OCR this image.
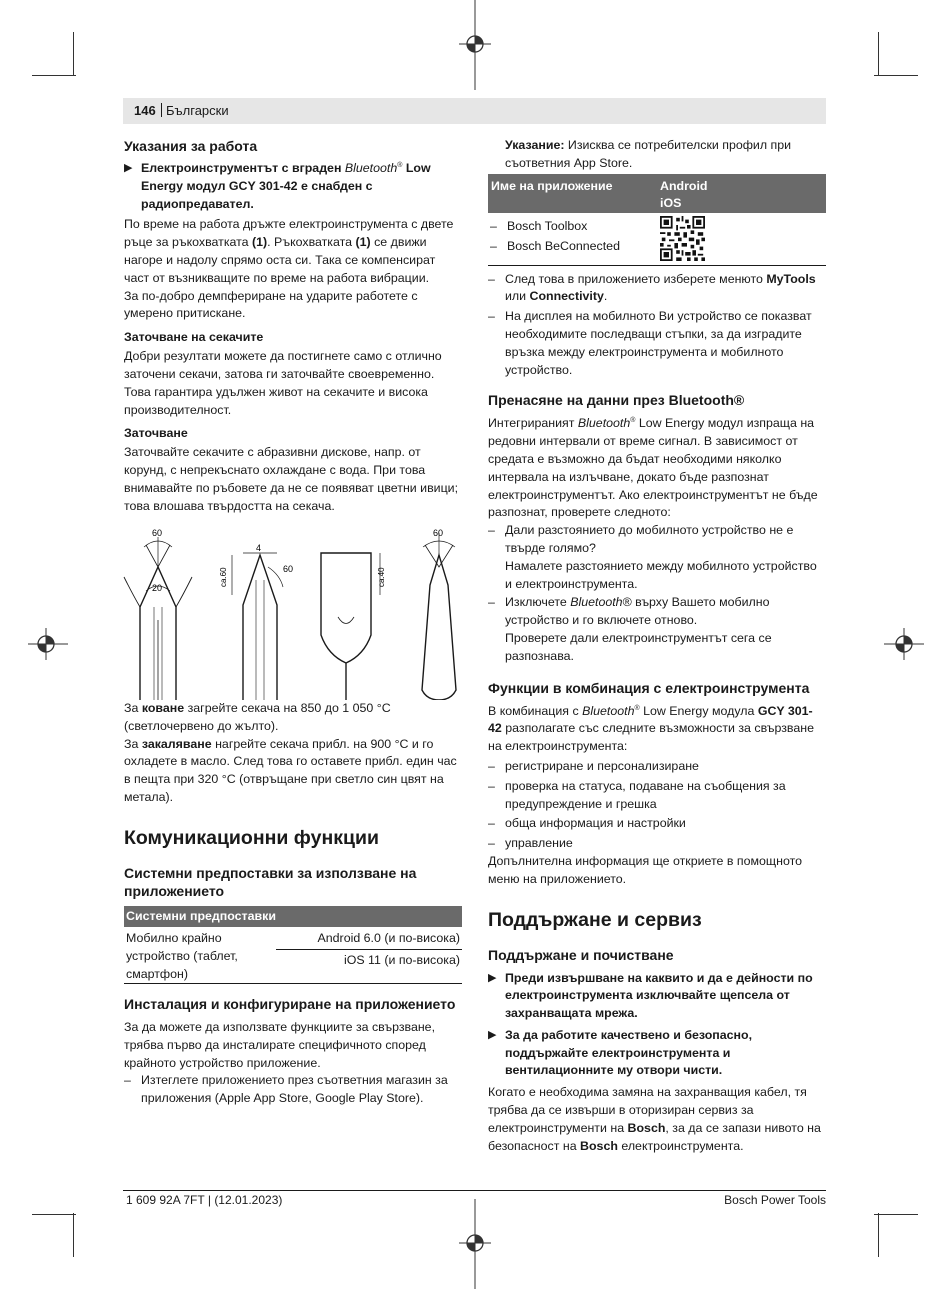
146 Български
Указания за работа
▶ Електроинструментът с вграден Bluetooth® Low Energy модул GCY 301-42 е снабден с радиопредавател.

По време на работа дръжте електроинструмента с двете ръце за ръкохватката (1). Ръкохватката (1) се движи нагоре и надолу спрямо оста си. Така се компенсират част от възникващите по време на работа вибрации.

За по-добро демпфериране на ударите работете с умерено притискане.

Заточване на секачите

Добри резултати можете да постигнете само с отлично заточени секачи, затова ги заточвайте своевременно. Това гарантира удължен живот на секачите и висока производителност.

Заточване

Заточвайте секачите с абразивни дискове, напр. от корунд, с непрекъснато охлаждане с вода. При това внимавайте по ръбовете да не се появяват цветни ивици; това влошава твърдостта на секача.

60
20
4
ca.60	60	ca.40
60

За коване загрейте секача на 850 до 1 050 °C (светлочервено до жълто).

За закаляване нагрейте секача прибл. на 900 °C и го охладете в масло. След това го оставете прибл. един час в пещта при 320 °C (отвръщане при светло син цвят на метала).

Комуникационни функции
Системни предпоставки за използване на приложението
Системни предпоставки
Мобилно крайно устройство (таблет, смартфон)
Android 6.0 (и по-висока)
iOS 11 (и по-висока)
Инсталация и конфигуриране на приложението

За да можете да използвате функциите за свързване, трябва първо да инсталирате специфичното според крайното устройство приложение.

– Изтеглете приложението през съответния магазин за приложения (Apple App Store, Google Play Store).

Указание: Изисква се потребителски профил при съответния App Store.

Име на приложение	Android
iOS
– Bosch Toolbox
– Bosch BeConnected
– След това в приложението изберете менюто MyTools или Connectivity.
– На дисплея на мобилното Ви устройство се показват необходимите последващи стъпки, за да изградите връзка между електроинструмента и мобилното устройство.
Пренасяне на данни през Bluetooth®

Интегрираният Bluetooth® Low Energy модул изпраща на редовни интервали от време сигнал. В зависимост от средата е възможно да бъдат необходими няколко интервала на излъчване, докато бъде разпознат електроинструментът. Ако електроинструментът не бъде разпознат, проверете следното:

– Дали разстоянието до мобилното устройство не е твърде голямо?
Намалете разстоянието между мобилното устройство и електроинструмента.
– Изключете Bluetooth® върху Вашето мобилно устройство и го включете отново.
Проверете дали електроинструментът сега се разпознава.
Функции в комбинация с електроинструмента

В комбинация с Bluetooth® Low Energy модула GCY 301-42 разполагате със следните възможности за свързване на електроинструмента:

– регистриране и персонализиране
– проверка на статуса, подаване на съобщения за предупреждение и грешка
– обща информация и настройки
– управление

Допълнителна информация ще откриете в помощното меню на приложението.

Поддържане и сервиз
Поддържане и почистване
▶ Преди извършване на каквито и да е дейности по електроинструмента изключвайте щепсела от захранващата мрежа.
▶ За да работите качествено и безопасно, поддържайте електроинструмента и вентилационните му отвори чисти.

Когато е необходима замяна на захранващия кабел, тя трябва да се извърши в оторизиран сервиз за електроинструменти на Bosch, за да се запази нивото на безопасност на Bosch електроинструмента.

1 609 92A 7FT | (12.01.2023)	Bosch Power Tools
